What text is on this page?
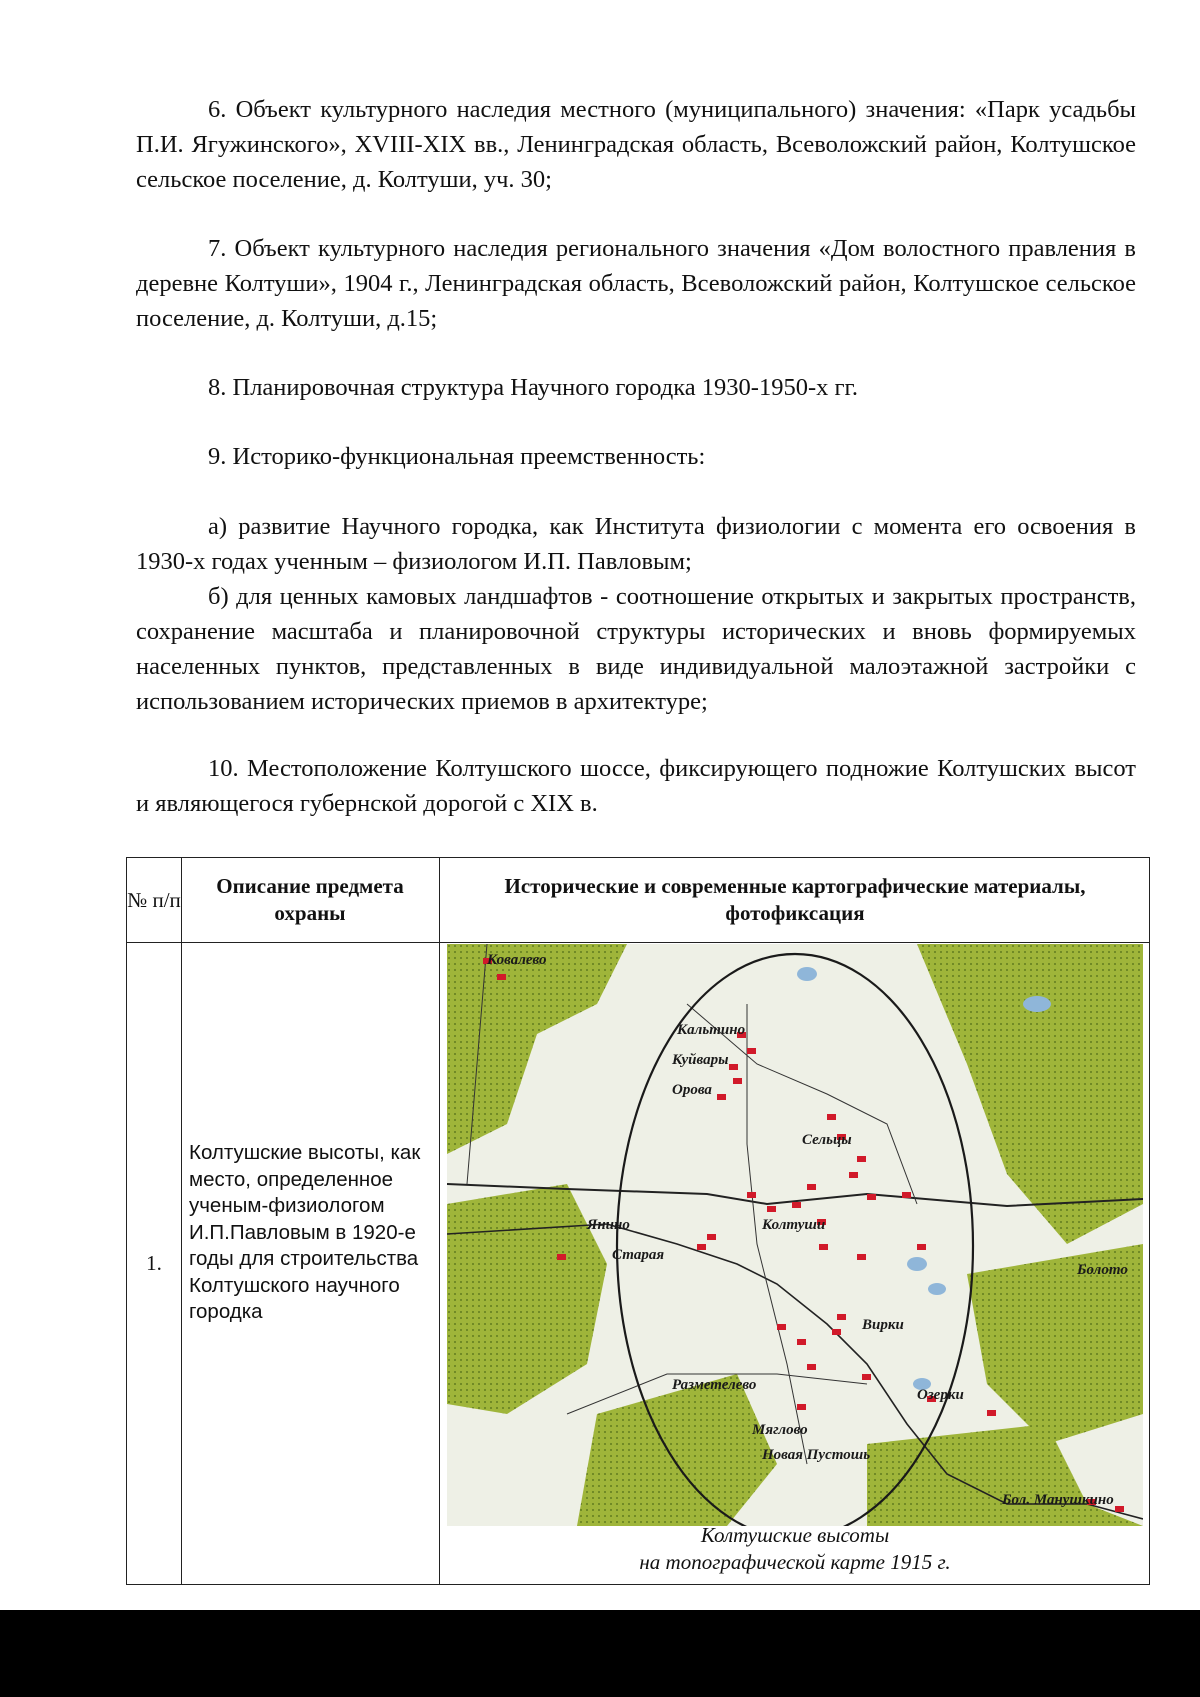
6. Объект культурного наследия местного (муниципального) значения: «Парк усадьбы П.И. Ягужинского», XVIII-XIX вв., Ленинградская область, Всеволожский район, Колтушское сельское поселение, д. Колтуши, уч. 30;

7. Объект культурного наследия регионального значения «Дом волостного правления в деревне Колтуши», 1904 г., Ленинградская область, Всеволожский район, Колтушское сельское поселение, д. Колтуши, д.15;

8. Планировочная структура Научного городка 1930-1950-х гг.

9. Историко-функциональная преемственность:

а) развитие Научного городка, как Института физиологии с момента его освоения в 1930-х годах ученным – физиологом И.П. Павловым;

б) для ценных камовых ландшафтов - соотношение открытых и закрытых пространств, сохранение масштаба и планировочной структуры исторических и вновь формируемых населенных пунктов, представленных в виде индивидуальной малоэтажной застройки с использованием исторических приемов в архитектуре;

10. Местоположение Колтушского шоссе, фиксирующего подножие Колтушских высот и являющегося губернской дорогой с XIX в.

№ п/п
Описание предмета охраны
Исторические и современные картографические материалы, фотофиксация
1.
Колтушские высоты, как место, определенное ученым-физиологом И.П.Павловым в 1920-е годы для строительства Колтушского научного городка
Ковалево
Кальтино
Куйвары
Орова
Сельцы
Колтуши
Янино
Старая
Вирки
Озерки
Разметелево
Мяглово
Новая Пустошь
Бол. Манушкино
Болото
Колтушские высоты
на топографической карте 1915 г.
